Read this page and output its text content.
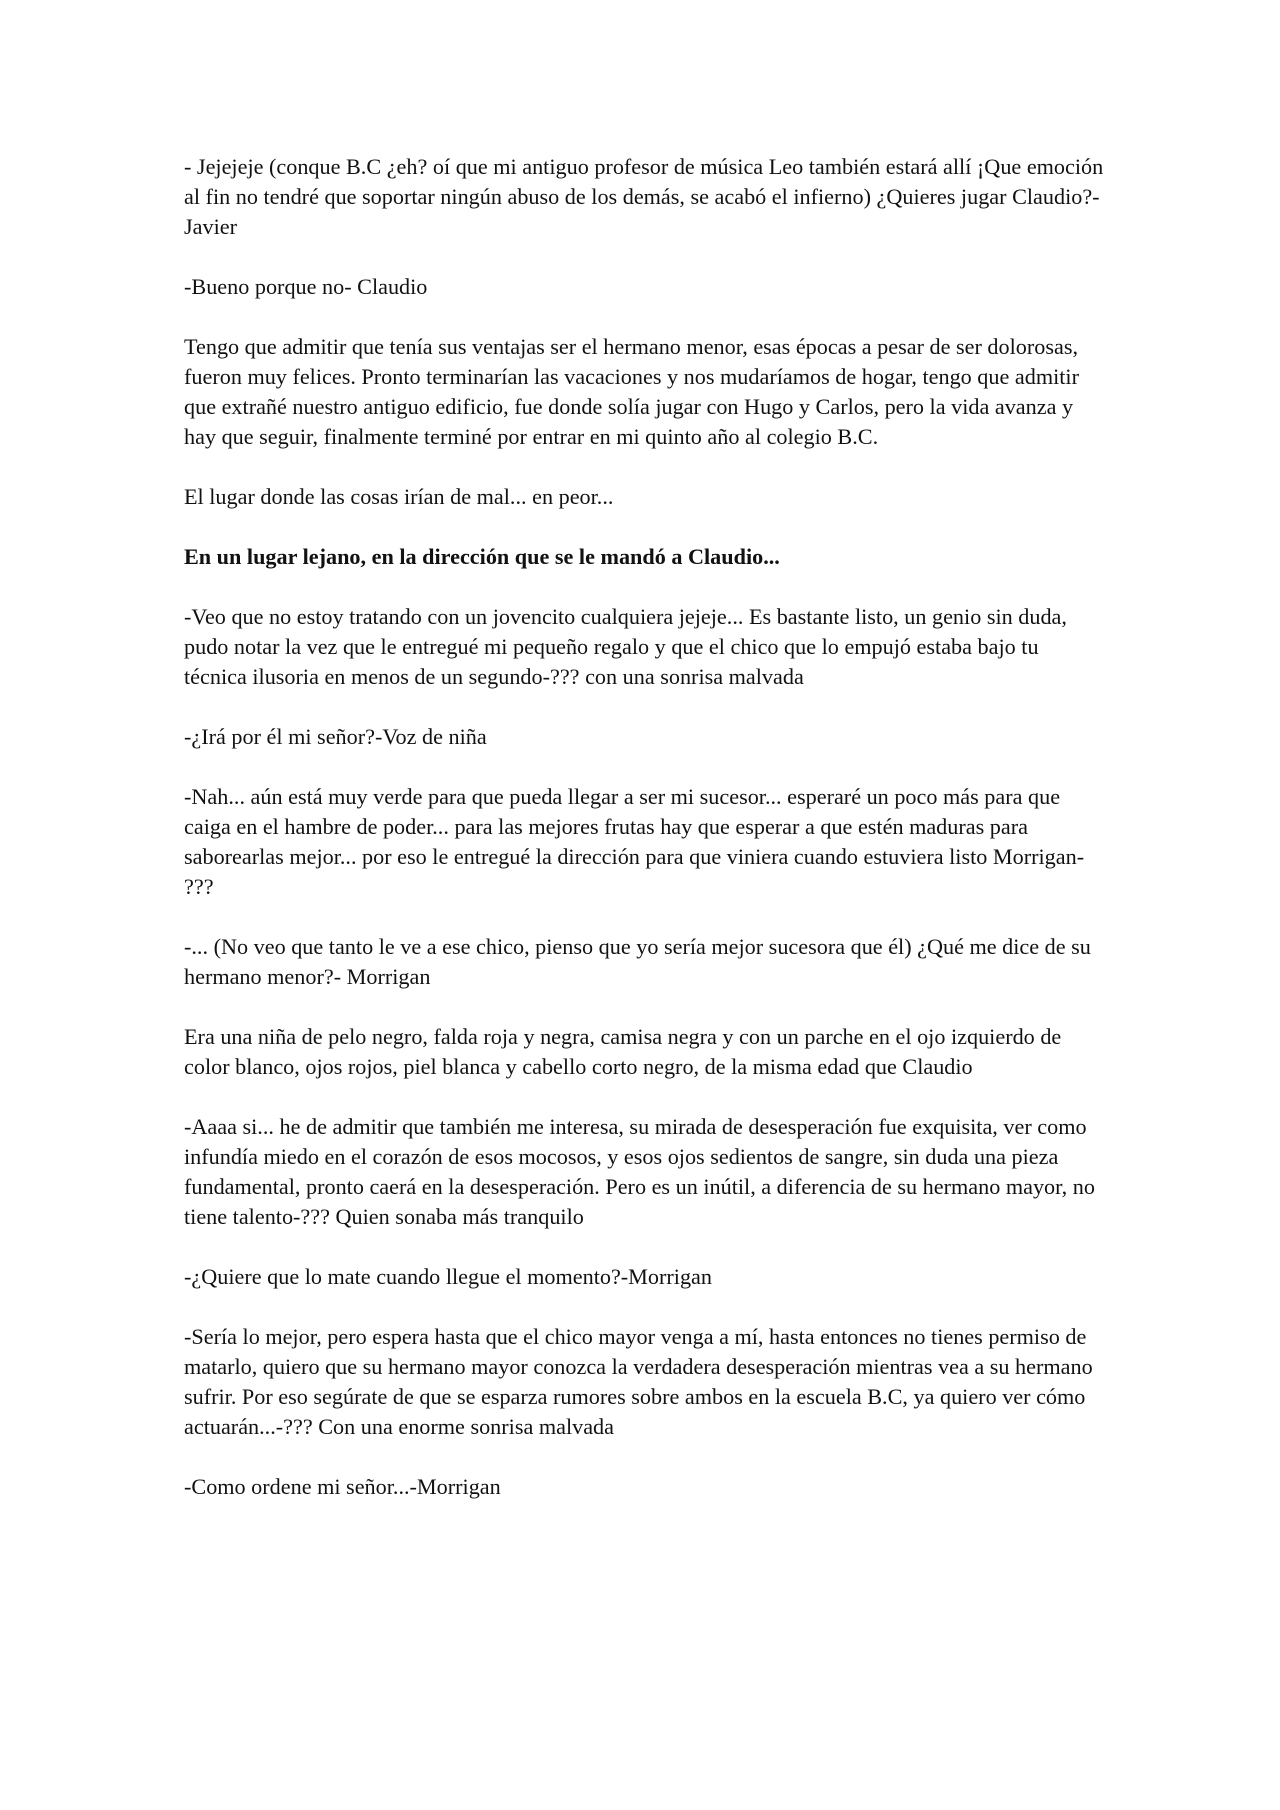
- Jejejeje (conque B.C ¿eh? oí que mi antiguo profesor de música Leo también estará allí ¡Que emoción al fin no tendré que soportar ningún abuso de los demás, se acabó el infierno) ¿Quieres jugar Claudio?-Javier

-Bueno porque no- Claudio

Tengo que admitir que tenía sus ventajas ser el hermano menor, esas épocas a pesar de ser dolorosas, fueron muy felices. Pronto terminarían las vacaciones y nos mudaríamos de hogar, tengo que admitir que extrañé nuestro antiguo edificio, fue donde solía jugar con Hugo y Carlos, pero la vida avanza y hay que seguir, finalmente terminé por entrar en mi quinto año al colegio B.C.

El lugar donde las cosas irían de mal... en peor...

En un lugar lejano, en la dirección que se le mandó a Claudio...

-Veo que no estoy tratando con un jovencito cualquiera jejeje... Es bastante listo, un genio sin duda, pudo notar la vez que le entregué mi pequeño regalo y que el chico que lo empujó estaba bajo tu técnica ilusoria en menos de un segundo-??? con una sonrisa malvada

-¿Irá por él mi señor?-Voz de niña

-Nah... aún está muy verde para que pueda llegar a ser mi sucesor... esperaré un poco más para que caiga en el hambre de poder... para las mejores frutas hay que esperar a que estén maduras para saborearlas mejor... por eso le entregué la dirección para que viniera cuando estuviera listo Morrigan- ???

-... (No veo que tanto le ve a ese chico, pienso que yo sería mejor sucesora que él) ¿Qué me dice de su hermano menor?- Morrigan

Era una niña de pelo negro, falda roja y negra, camisa negra y con un parche en el ojo izquierdo de color blanco, ojos rojos, piel blanca y cabello corto negro, de la misma edad que Claudio

-Aaaa si... he de admitir que también me interesa, su mirada de desesperación fue exquisita, ver como infundía miedo en el corazón de esos mocosos, y esos ojos sedientos de sangre, sin duda una pieza fundamental, pronto caerá en la desesperación. Pero es un inútil, a diferencia de su hermano mayor, no tiene talento-??? Quien sonaba más tranquilo

-¿Quiere que lo mate cuando llegue el momento?-Morrigan

-Sería lo mejor, pero espera hasta que el chico mayor venga a mí, hasta entonces no tienes permiso de matarlo, quiero que su hermano mayor conozca la verdadera desesperación mientras vea a su hermano sufrir. Por eso segúrate de que se esparza rumores sobre ambos en la escuela B.C, ya quiero ver cómo actuarán...-??? Con una enorme sonrisa malvada

-Como ordene mi señor...-Morrigan
